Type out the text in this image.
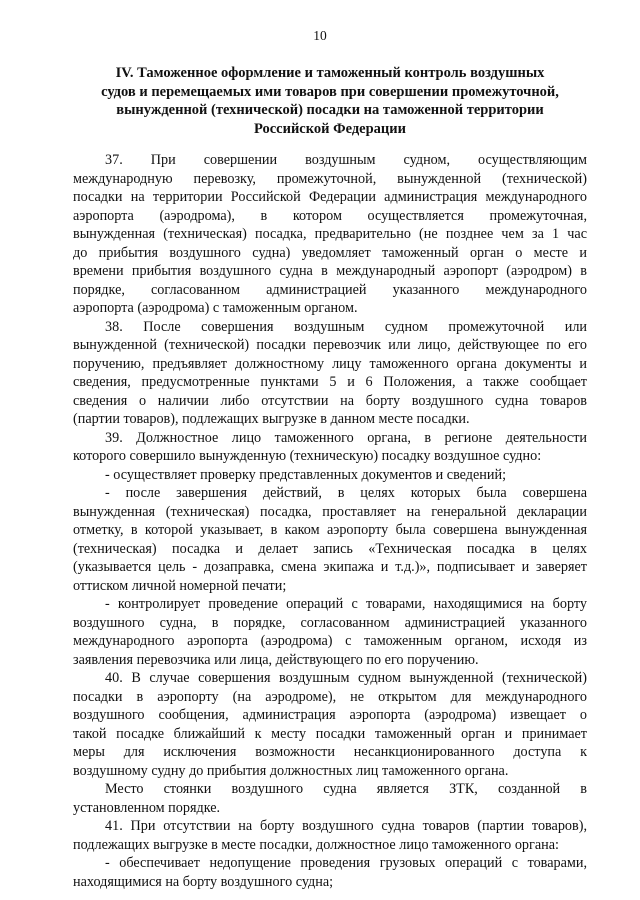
10
IV. Таможенное оформление и таможенный контроль воздушных
судов и перемещаемых ими товаров при совершении промежуточной,
вынужденной (технической) посадки на таможенной территории
Российской Федерации
37. При совершении воздушным судном, осуществляющим
международную перевозку, промежуточной, вынужденной (технической)
посадки на территории Российской Федерации администрация международного
аэропорта (аэродрома), в котором осуществляется промежуточная,
вынужденная (техническая) посадка, предварительно (не позднее чем за 1 час
до прибытия воздушного судна) уведомляет таможенный орган о месте и
времени прибытия воздушного судна в международный аэропорт (аэродром) в
порядке, согласованном администрацией указанного международного
аэропорта (аэродрома) с таможенным органом.
38. После совершения воздушным судном промежуточной или
вынужденной (технической) посадки перевозчик или лицо, действующее по его
поручению, предъявляет должностному лицу таможенного органа документы и
сведения, предусмотренные пунктами 5 и 6 Положения, а также сообщает
сведения о наличии либо отсутствии на борту воздушного судна товаров
(партии товаров), подлежащих выгрузке в данном месте посадки.
39. Должностное лицо таможенного органа, в регионе деятельности
которого совершило вынужденную (техническую) посадку воздушное судно:
- осуществляет проверку представленных документов и сведений;
- после завершения действий, в целях которых была совершена
вынужденная (техническая) посадка, проставляет на генеральной декларации
отметку, в которой указывает, в каком аэропорту была совершена вынужденная
(техническая) посадка и делает запись «Техническая посадка в целях
(указывается цель - дозаправка, смена экипажа и т.д.)», подписывает и заверяет
оттиском личной номерной печати;
- контролирует проведение операций с товарами, находящимися на борту
воздушного судна, в порядке, согласованном администрацией указанного
международного аэропорта (аэродрома) с таможенным органом, исходя из
заявления перевозчика или лица, действующего по его поручению.
40. В случае совершения воздушным судном вынужденной (технической)
посадки в аэропорту (на аэродроме), не открытом для международного
воздушного сообщения, администрация аэропорта (аэродрома) извещает о
такой посадке ближайший к месту посадки таможенный орган и принимает
меры для исключения возможности несанкционированного доступа к
воздушному судну до прибытия должностных лиц таможенного органа.
Место стоянки воздушного судна является ЗТК, созданной в
установленном порядке.
41. При отсутствии на борту воздушного судна товаров (партии товаров),
подлежащих выгрузке в месте посадки, должностное лицо таможенного органа:
- обеспечивает недопущение проведения грузовых операций с товарами,
находящимися на борту воздушного судна;
